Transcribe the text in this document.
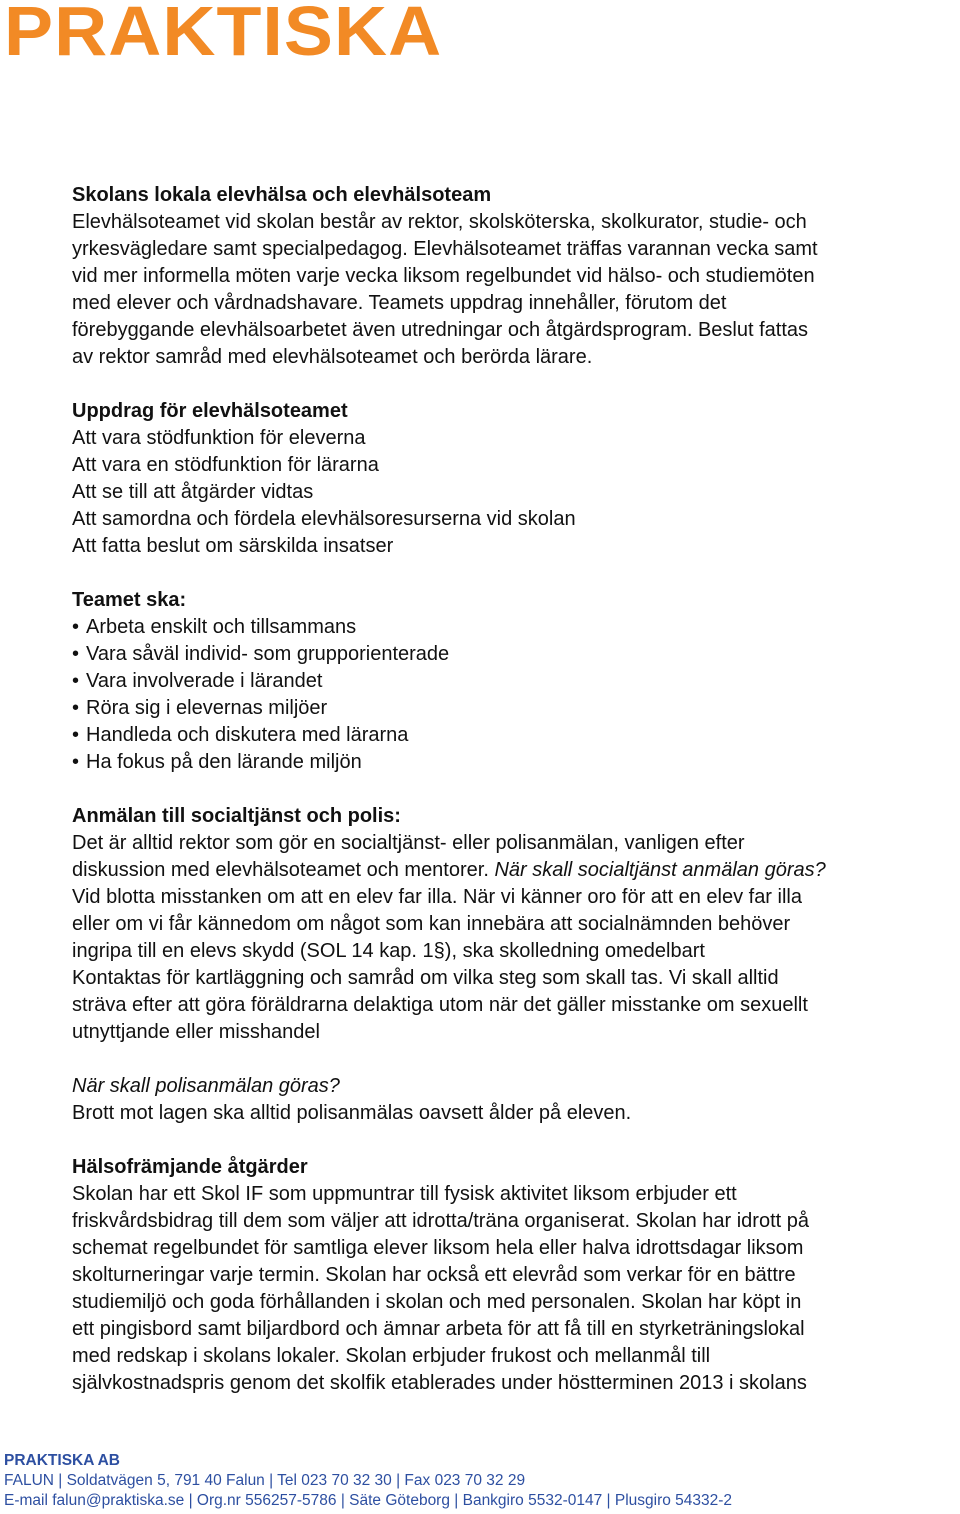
PRAKTISKA

Skolans lokala elevhälsa och elevhälsoteam

Elevhälsoteamet vid skolan består av rektor, skolsköterska, skolkurator, studie- och

yrkesvägledare samt specialpedagog. Elevhälsoteamet träffas varannan vecka samt

vid mer informella möten varje vecka liksom regelbundet vid hälso- och studiemöten

med elever och vårdnadshavare. Teamets uppdrag innehåller, förutom det

förebyggande elevhälsoarbetet även utredningar och åtgärdsprogram. Beslut fattas

av rektor samråd med elevhälsoteamet och berörda lärare.

Uppdrag för elevhälsoteamet

Att vara stödfunktion för eleverna

Att vara en stödfunktion för lärarna

Att se till att åtgärder vidtas

Att samordna och fördela elevhälsoresurserna vid skolan

Att fatta beslut om särskilda insatser

Teamet ska:

• Arbeta enskilt och tillsammans
• Vara såväl individ- som grupporienterade
• Vara involverade i lärandet
• Röra sig i elevernas miljöer
• Handleda och diskutera med lärarna
• Ha fokus på den lärande miljön

Anmälan till socialtjänst och polis:

Det är alltid rektor som gör en socialtjänst- eller polisanmälan, vanligen efter

diskussion med elevhälsoteamet och mentorer. När skall socialtjänst anmälan göras?

Vid blotta misstanken om att en elev far illa. När vi känner oro för att en elev far illa

eller om vi får kännedom om något som kan innebära att socialnämnden behöver

ingripa till en elevs skydd (SOL 14 kap. 1§), ska skolledning omedelbart

Kontaktas för kartläggning och samråd om vilka steg som skall tas. Vi skall alltid

sträva efter att göra föräldrarna delaktiga utom när det gäller misstanke om sexuellt

utnyttjande eller misshandel

När skall polisanmälan göras?

Brott mot lagen ska alltid polisanmälas oavsett ålder på eleven.

Hälsofrämjande åtgärder

Skolan har ett Skol IF som uppmuntrar till fysisk aktivitet liksom erbjuder ett

friskvårdsbidrag till dem som väljer att idrotta/träna organiserat. Skolan har idrott på

schemat regelbundet för samtliga elever liksom hela eller halva idrottsdagar liksom

skolturneringar varje termin. Skolan har också ett elevråd som verkar för en bättre

studiemiljö och goda förhållanden i skolan och med personalen. Skolan har köpt in

ett pingisbord samt biljardbord och ämnar arbeta för att få till en styrketräningslokal

med redskap i skolans lokaler. Skolan erbjuder frukost och mellanmål till

självkostnadspris genom det skolfik etablerades under höstterminen 2013 i skolans

PRAKTISKA AB

FALUN | Soldatvägen 5, 791 40 Falun | Tel 023 70 32 30 | Fax 023 70 32 29

E-mail falun@praktiska.se | Org.nr 556257-5786 | Säte Göteborg | Bankgiro 5532-0147 | Plusgiro 54332-2
